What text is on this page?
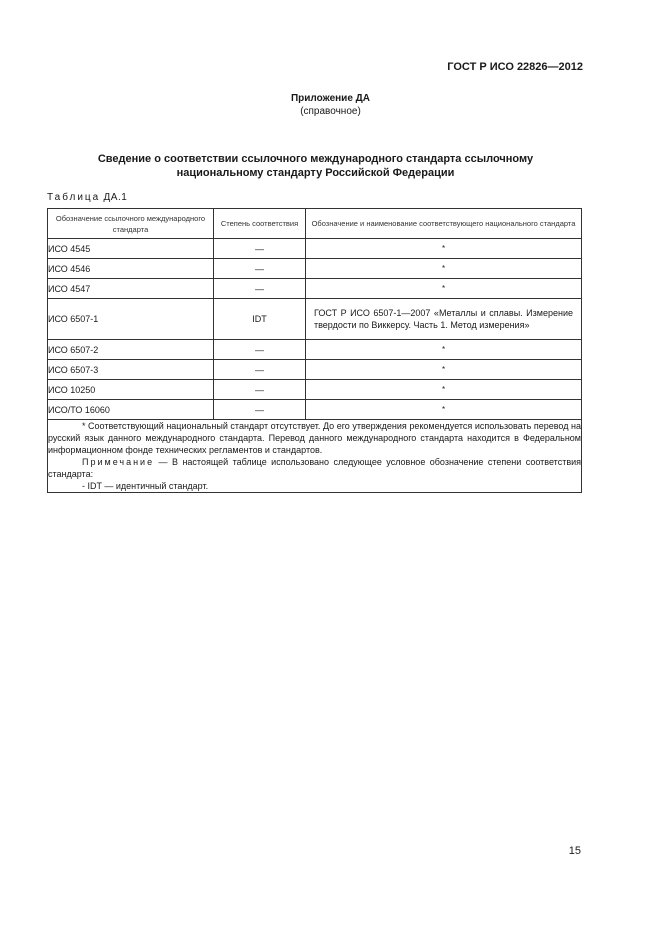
ГОСТ Р ИСО 22826—2012
Приложение ДА
(справочное)
Сведение о соответствии ссылочного международного стандарта ссылочному национальному стандарту Российской Федерации
Таблица ДА.1
Обозначение ссылочного международного стандарта	Степень соответствия	Обозначение и наименование соответствующего национального стандарта
ИСО 4545	—	*
ИСО 4546	—	*
ИСО 4547	—	*
ИСО 6507-1	IDT	ГОСТ Р ИСО 6507-1—2007 «Металлы и сплавы. Измерение твердости по Виккерсу. Часть 1. Метод измерения»
ИСО 6507-2	—	*
ИСО 6507-3	—	*
ИСО 10250	—	*
ИСО/ТО 16060	—	*

* Соответствующий национальный стандарт отсутствует. До его утверждения рекомендуется использовать перевод на русский язык данного международного стандарта. Перевод данного международного стандарта находится в Федеральном информационном фонде технических регламентов и стандартов.

Примечание — В настоящей таблице использовано следующее условное обозначение степени соответствия стандарта:

- IDT — идентичный стандарт.		

15
